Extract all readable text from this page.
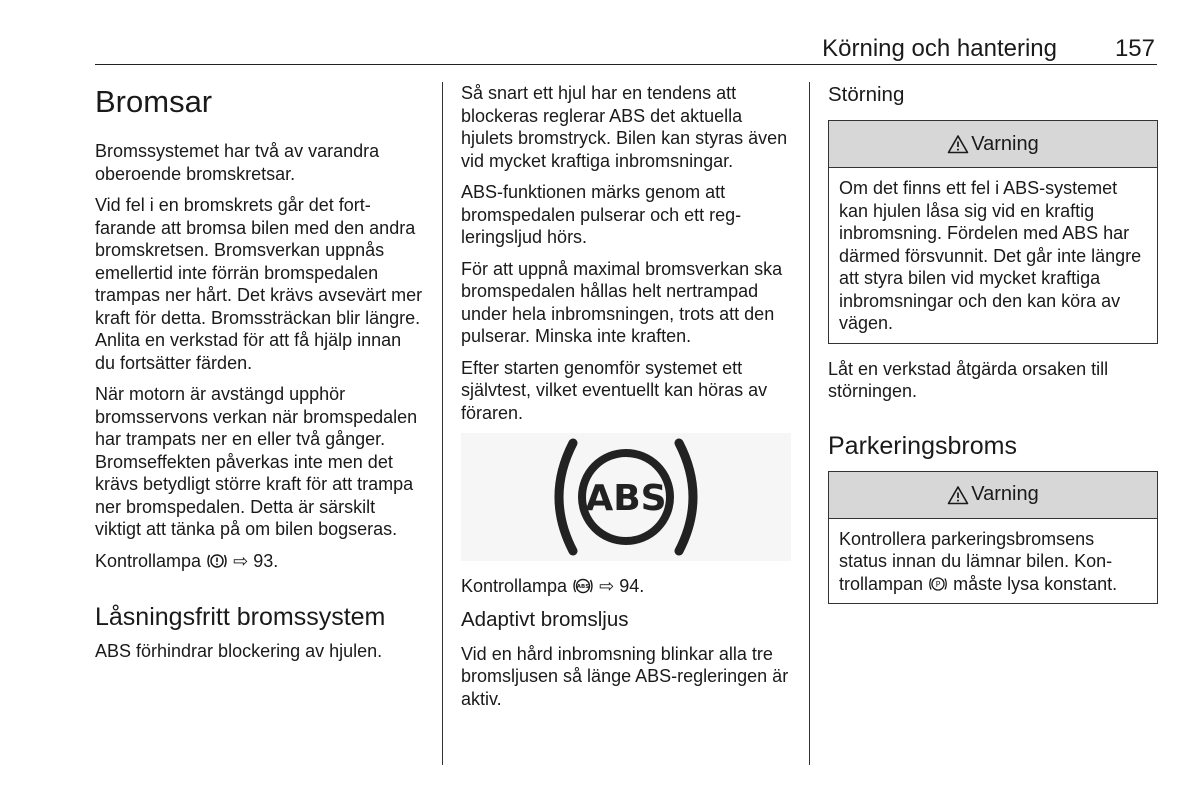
Körning och hantering 157
Bromsar

Bromssystemet har två av varandra oberoende bromskretsar.

Vid fel i en bromskrets går det fortfarande att bromsa bilen med den andra bromskretsen. Bromsverkan uppnås emellertid inte förrän bromspedalen trampas ner hårt. Det krävs avsevärt mer kraft för detta. Bromssträckan blir längre. Anlita en verkstad för att få hjälp innan du fortsätter färden.

När motorn är avstängd upphör bromsservons verkan när bromspedalen har trampats ner en eller två gånger. Bromseffekten påverkas inte men det krävs betydligt större kraft för att trampa ner bromspedalen. Detta är särskilt viktigt att tänka på om bilen bogseras.

Kontrollampa ⇨ 93.

Låsningsfritt bromssystem

ABS förhindrar blockering av hjulen.

Så snart ett hjul har en tendens att blockeras reglerar ABS det aktuella hjulets bromstryck. Bilen kan styras även vid mycket kraftiga inbromsningar.

ABS-funktionen märks genom att bromspedalen pulserar och ett regleringsljud hörs.

För att uppnå maximal bromsverkan ska bromspedalen hållas helt nertrampad under hela inbromsningen, trots att den pulserar. Minska inte kraften.

Efter starten genomför systemet ett självtest, vilket eventuellt kan höras av föraren.

ABS

Kontrollampa ABS ⇨ 94.

Adaptivt bromsljus

Vid en hård inbromsning blinkar alla tre bromsljusen så länge ABS-regleringen är aktiv.

Störning
Varning
Om det finns ett fel i ABS-systemet kan hjulen låsa sig vid en kraftig inbromsning. Fördelen med ABS har därmed försvunnit. Det går inte längre att styra bilen vid mycket kraftiga inbromsningar och den kan köra av vägen.

Låt en verkstad åtgärda orsaken till störningen.

Parkeringsbroms
Varning
Kontrollera parkeringsbromsens status innan du lämnar bilen. Kontrollampan P måste lysa konstant.
